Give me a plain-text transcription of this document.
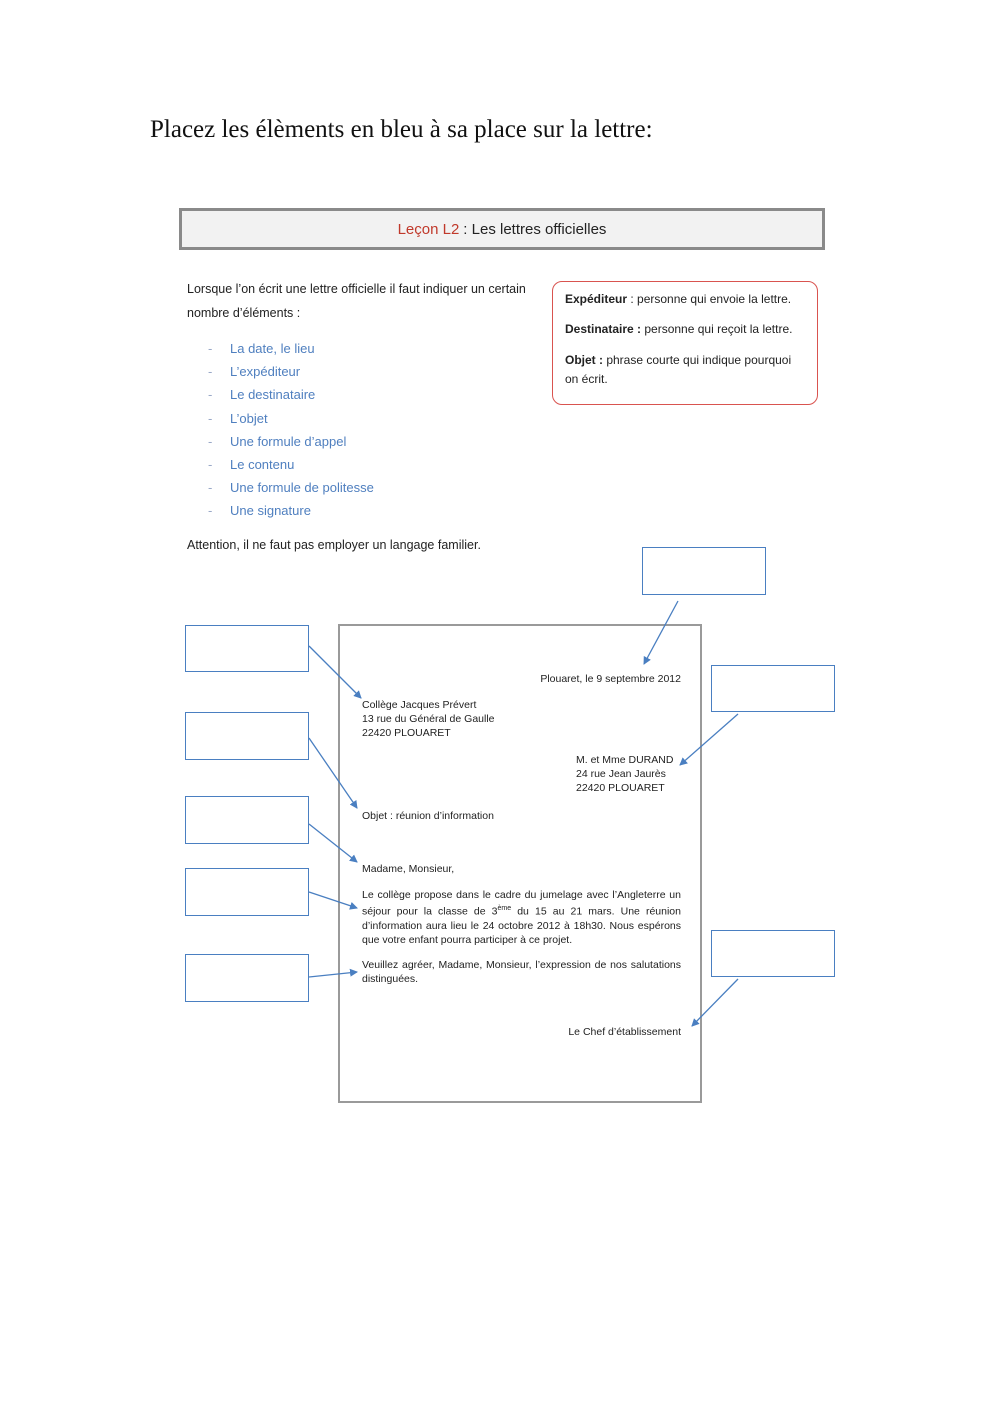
Placez les élèments en bleu à sa place sur la lettre:
Leçon L2 : Les lettres officielles
Lorsque l’on écrit une lettre officielle il faut indiquer un certain nombre d’éléments :
- La date, le lieu
- L’expéditeur
- Le destinataire
- L’objet
- Une formule d’appel
- Le contenu
- Une formule de politesse
- Une signature

Expéditeur : personne qui envoie la lettre.

Destinataire : personne qui reçoit la lettre.

Objet : phrase courte qui indique pourquoi on écrit.

Attention, il ne faut pas employer un langage familier.
Plouaret, le 9 septembre 2012
Collège Jacques Prévert
13 rue du Général de Gaulle
22420 PLOUARET
M. et Mme DURAND
24 rue Jean Jaurès
22420 PLOUARET
Objet : réunion d’information
Madame, Monsieur,
Le collège propose dans le cadre du jumelage avec l’Angleterre un séjour pour la classe de 3ème du 15 au 21 mars. Une réunion d’information aura lieu le 24 octobre 2012 à 18h30. Nous espérons que votre enfant pourra participer à ce projet.
Veuillez agréer, Madame, Monsieur, l’expression de nos salutations distinguées.
Le Chef d’établissement
